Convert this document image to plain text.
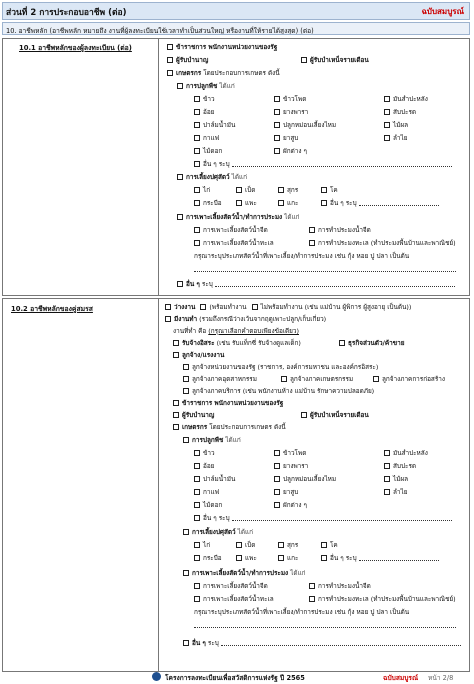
ส่วนที่ 2 การประกอบอาชีพ (ต่อ)	ฉบับสมบูรณ์
10. อาชีพหลัก (อาชีพหลัก หมายถึง งานที่ผู้ลงทะเบียนใช้เวลาทำเป็นส่วนใหญ่ หรืองานที่ให้รายได้สูงสุด) (ต่อ)
10.1 อาชีพหลักของผู้ลงทะเบียน (ต่อ)	ข้าราชการ พนักงานหน่วยงานของรัฐ
ผู้รับบำนาญ	ผู้รับบำเหน็จรายเดือน
เกษตรกร โดยประกอบการเกษตร ดังนี้
การปลูกพืช ได้แก่
ข้าว	ข้าวโพด	มันสำปะหลัง
อ้อย	ยางพารา	สับปะรด
ปาล์มน้ำมัน	ปลูกหม่อนเลี้ยงไหม	ไม้ผล
กาแฟ	ยาสูบ	ลำไย
ไม้ดอก	ผักต่าง ๆ
อื่น ๆ ระบุ
การเลี้ยงปศุสัตว์ ได้แก่
ไก่	เป็ด	สุกร	โค
กระบือ	แพะ	แกะ	อื่น ๆ ระบุ
การเพาะเลี้ยงสัตว์น้ำ/ทำการประมง ได้แก่
การเพาะเลี้ยงสัตว์น้ำจืด	การทำประมงน้ำจืด
การเพาะเลี้ยงสัตว์น้ำทะเล	การทำประมงทะเล (ทำประมงพื้นบ้านและพาณิชย์)
กรุณาระบุประเภทสัตว์น้ำที่เพาะเลี้ยง/ทำการประมง เช่น กุ้ง หอย ปู ปลา เป็นต้น
อื่น ๆ ระบุ
10.2 อาชีพหลักของคู่สมรส	ว่างงาน (พร้อมทำงาน ไม่พร้อมทำงาน (เช่น แม่บ้าน ผู้พิการ ผู้สูงอายุ เป็นต้น))
มีงานทำ (รวมถึงกรณีว่างเว้นจากฤดูเพาะปลูก/เก็บเกี่ยว)
งานที่ทำ คือ (กรุณาเลือกคำตอบเพียงข้อเดียว)
รับจ้างอิสระ (เช่น รับแท็กซี่ รับจ้างดูแลเด็ก)	ธุรกิจส่วนตัว/ค้าขาย
ลูกจ้าง/แรงงาน
ลูกจ้างหน่วยงานของรัฐ (ราชการ, องค์การมหาชน และองค์กรอิสระ)
ลูกจ้างภาคอุตสาหกรรม	ลูกจ้างภาคเกษตรกรรม	ลูกจ้างภาคการก่อสร้าง
ลูกจ้างภาคบริการ (เช่น พนักงานห้าง แม่บ้าน รักษาความปลอดภัย)
ข้าราชการ พนักงานหน่วยงานของรัฐ
ผู้รับบำนาญ	ผู้รับบำเหน็จรายเดือน
เกษตรกร โดยประกอบการเกษตร ดังนี้
การปลูกพืช ได้แก่
ข้าว	ข้าวโพด	มันสำปะหลัง
อ้อย	ยางพารา	สับปะรด
ปาล์มน้ำมัน	ปลูกหม่อนเลี้ยงไหม	ไม้ผล
กาแฟ	ยาสูบ	ลำไย
ไม้ดอก	ผักต่าง ๆ
อื่น ๆ ระบุ
การเลี้ยงปศุสัตว์ ได้แก่
ไก่	เป็ด	สุกร	โค
กระบือ	แพะ	แกะ	อื่น ๆ ระบุ
การเพาะเลี้ยงสัตว์น้ำ/ทำการประมง ได้แก่
การเพาะเลี้ยงสัตว์น้ำจืด	การทำประมงน้ำจืด
การเพาะเลี้ยงสัตว์น้ำทะเล	การทำประมงทะเล (ทำประมงพื้นบ้านและพาณิชย์)
กรุณาระบุประเภทสัตว์น้ำที่เพาะเลี้ยง/ทำการประมง เช่น กุ้ง หอย ปู ปลา เป็นต้น
อื่น ๆ ระบุ
โครงการลงทะเบียนเพื่อสวัสดิการแห่งรัฐ ปี 2565	ฉบับสมบูรณ์ หน้า 2/8
